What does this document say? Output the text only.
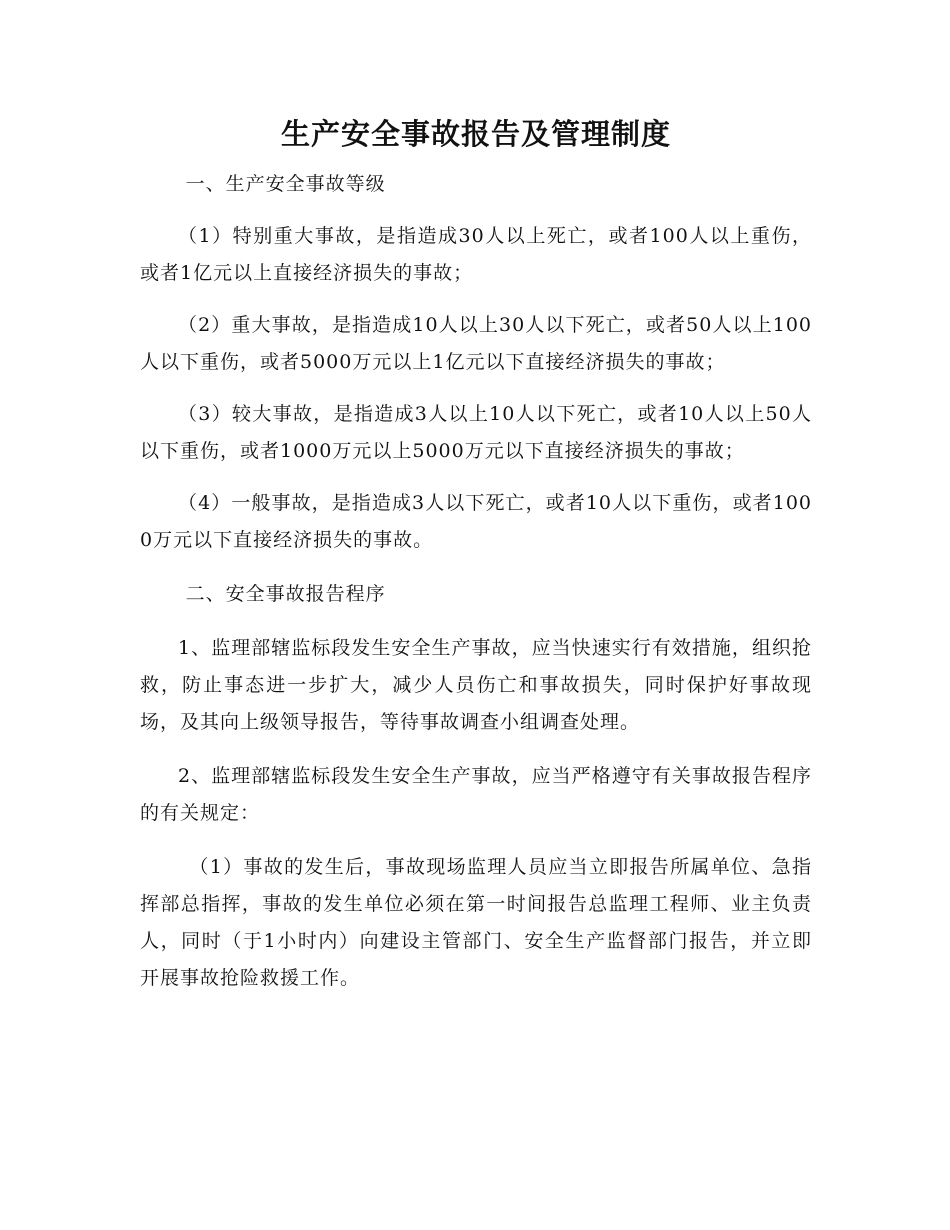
生产安全事故报告及管理制度

一、生产安全事故等级

（1）特别重大事故，是指造成30人以上死亡，或者100人以上重伤，或者1亿元以上直接经济损失的事故；

（2）重大事故，是指造成10人以上30人以下死亡，或者50人以上100人以下重伤，或者5000万元以上1亿元以下直接经济损失的事故；

（3）较大事故，是指造成3人以上10人以下死亡，或者10人以上50人以下重伤，或者1000万元以上5000万元以下直接经济损失的事故；

（4）一般事故，是指造成3人以下死亡，或者10人以下重伤，或者1000万元以下直接经济损失的事故。

二、安全事故报告程序

1、监理部辖监标段发生安全生产事故，应当快速实行有效措施，组织抢救，防止事态进一步扩大，减少人员伤亡和事故损失，同时保护好事故现场，及其向上级领导报告，等待事故调查小组调查处理。

2、监理部辖监标段发生安全生产事故，应当严格遵守有关事故报告程序的有关规定：

（1）事故的发生后，事故现场监理人员应当立即报告所属单位、急指挥部总指挥，事故的发生单位必须在第一时间报告总监理工程师、业主负责人，同时（于1小时内）向建设主管部门、安全生产监督部门报告，并立即开展事故抢险救援工作。
